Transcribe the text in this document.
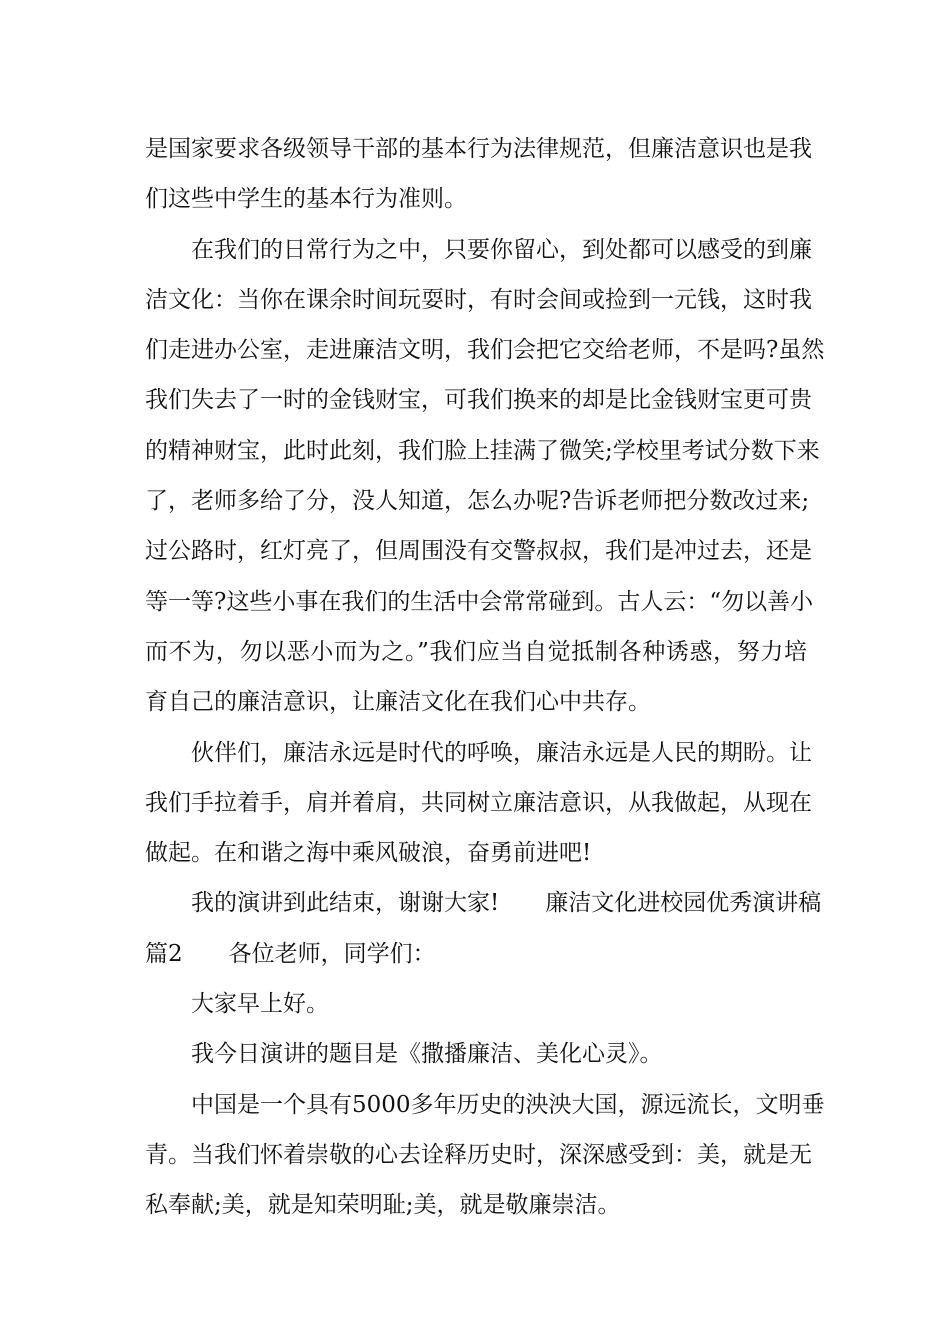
是国家要求各级领导干部的基本行为法律规范，但廉洁意识也是我
们这些中学生的基本行为准则。
在我们的日常行为之中，只要你留心，到处都可以感受的到廉
洁文化：当你在课余时间玩耍时，有时会间或捡到一元钱，这时我
们走进办公室，走进廉洁文明，我们会把它交给老师，不是吗?虽然
我们失去了一时的金钱财宝，可我们换来的却是比金钱财宝更可贵
的精神财宝，此时此刻，我们脸上挂满了微笑;学校里考试分数下来
了，老师多给了分，没人知道，怎么办呢?告诉老师把分数改过来;
过公路时，红灯亮了，但周围没有交警叔叔，我们是冲过去，还是
等一等?这些小事在我们的生活中会常常碰到。古人云：“勿以善小
而不为，勿以恶小而为之。”我们应当自觉抵制各种诱惑，努力培
育自己的廉洁意识，让廉洁文化在我们心中共存。
伙伴们，廉洁永远是时代的呼唤，廉洁永远是人民的期盼。让
我们手拉着手，肩并着肩，共同树立廉洁意识，从我做起，从现在
做起。在和谐之海中乘风破浪，奋勇前进吧!
我的演讲到此结束，谢谢大家!　　廉洁文化进校园优秀演讲稿
篇2　　各位老师，同学们：
大家早上好。
我今日演讲的题目是《撒播廉洁、美化心灵》。
中国是一个具有5000多年历史的泱泱大国，源远流长，文明垂
青。当我们怀着崇敬的心去诠释历史时，深深感受到：美，就是无
私奉献;美，就是知荣明耻;美，就是敬廉崇洁。
